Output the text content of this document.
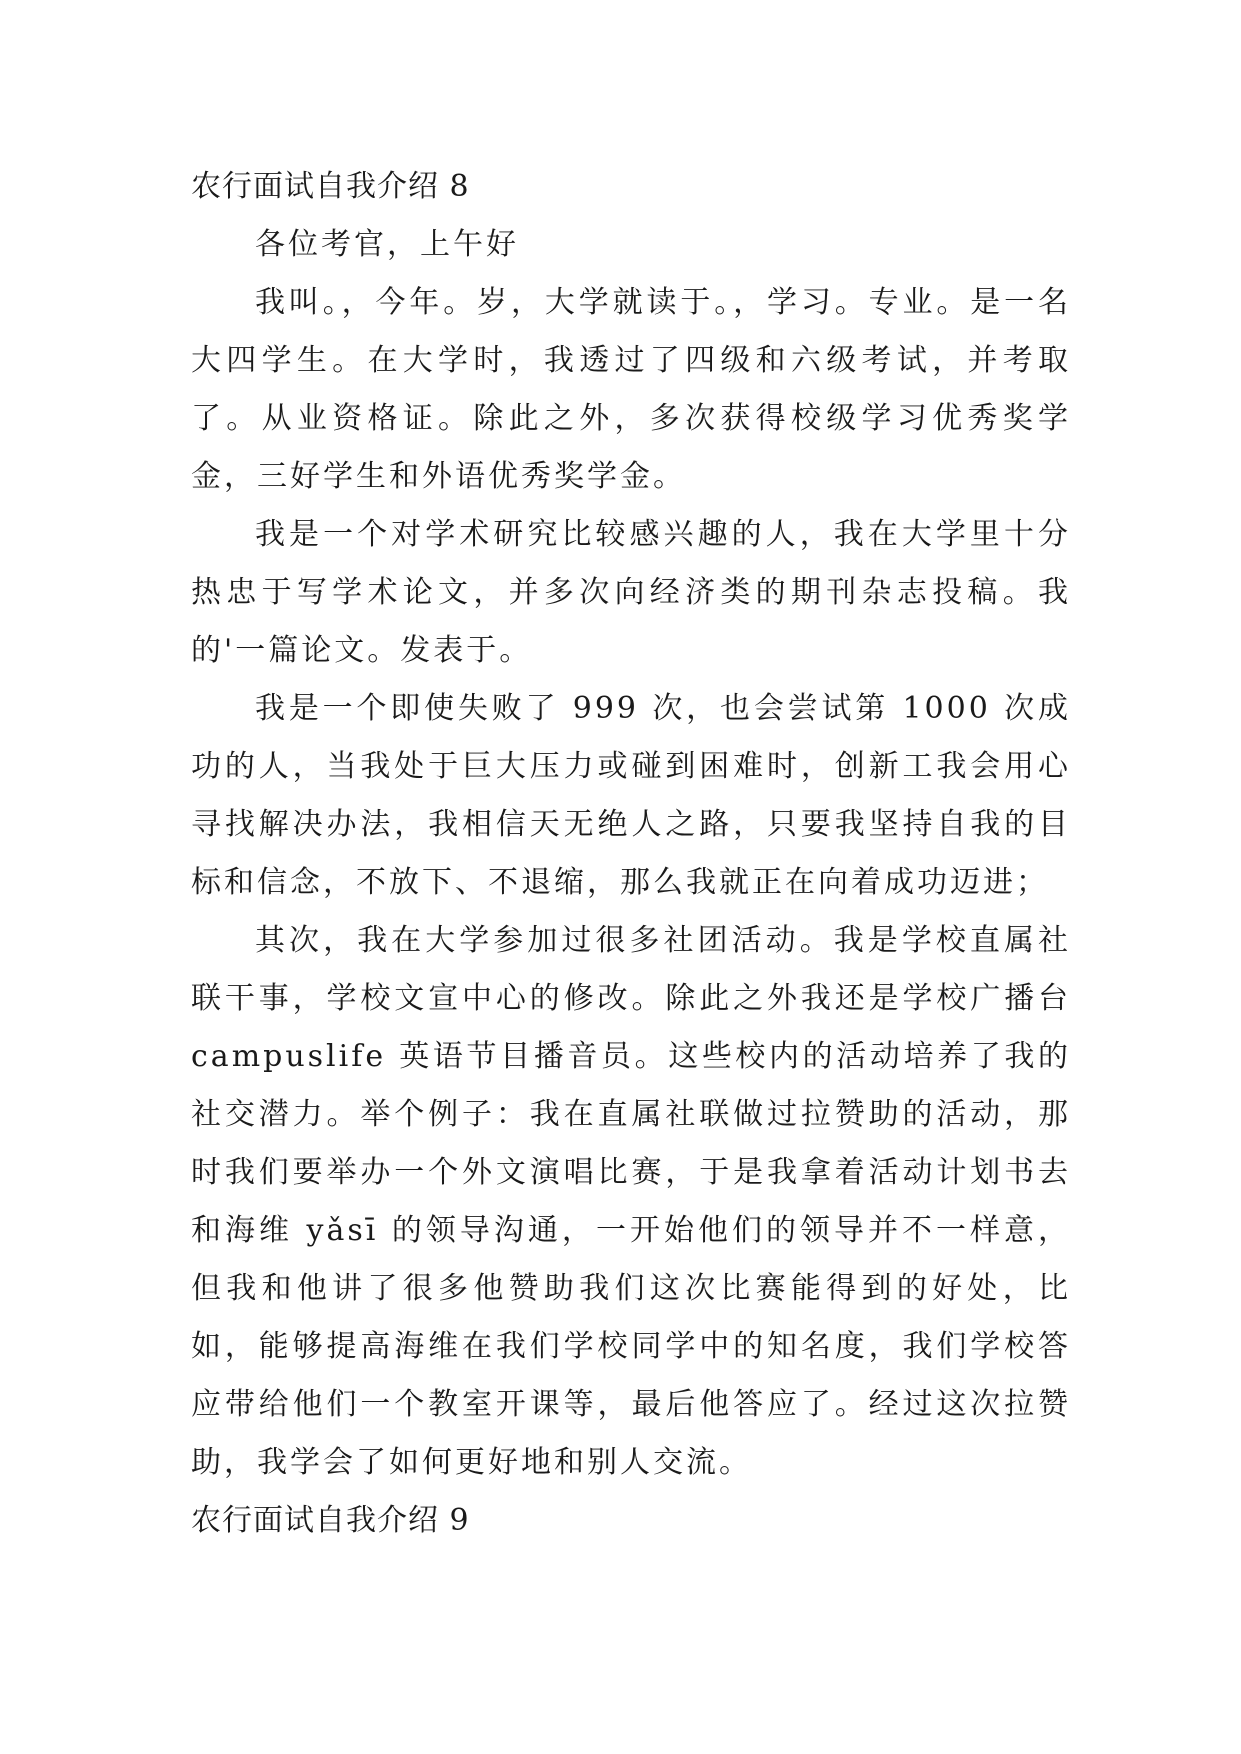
农行面试自我介绍 8

各位考官，上午好

我叫。，今年。岁，大学就读于。，学习。专业。是一名大四学生。在大学时，我透过了四级和六级考试，并考取了。从业资格证。除此之外，多次获得校级学习优秀奖学金，三好学生和外语优秀奖学金。

我是一个对学术研究比较感兴趣的人，我在大学里十分热忠于写学术论文，并多次向经济类的期刊杂志投稿。我的'一篇论文。发表于。

我是一个即使失败了 999 次，也会尝试第 1000 次成功的人，当我处于巨大压力或碰到困难时，创新工我会用心寻找解决办法，我相信天无绝人之路，只要我坚持自我的目标和信念，不放下、不退缩，那么我就正在向着成功迈进；

其次，我在大学参加过很多社团活动。我是学校直属社联干事，学校文宣中心的修改。除此之外我还是学校广播台 campuslife 英语节目播音员。这些校内的活动培养了我的社交潜力。举个例子：我在直属社联做过拉赞助的活动，那时我们要举办一个外文演唱比赛，于是我拿着活动计划书去和海维 yǎsī 的领导沟通，一开始他们的领导并不一样意，但我和他讲了很多他赞助我们这次比赛能得到的好处，比如，能够提高海维在我们学校同学中的知名度，我们学校答应带给他们一个教室开课等，最后他答应了。经过这次拉赞助，我学会了如何更好地和别人交流。

农行面试自我介绍 9
